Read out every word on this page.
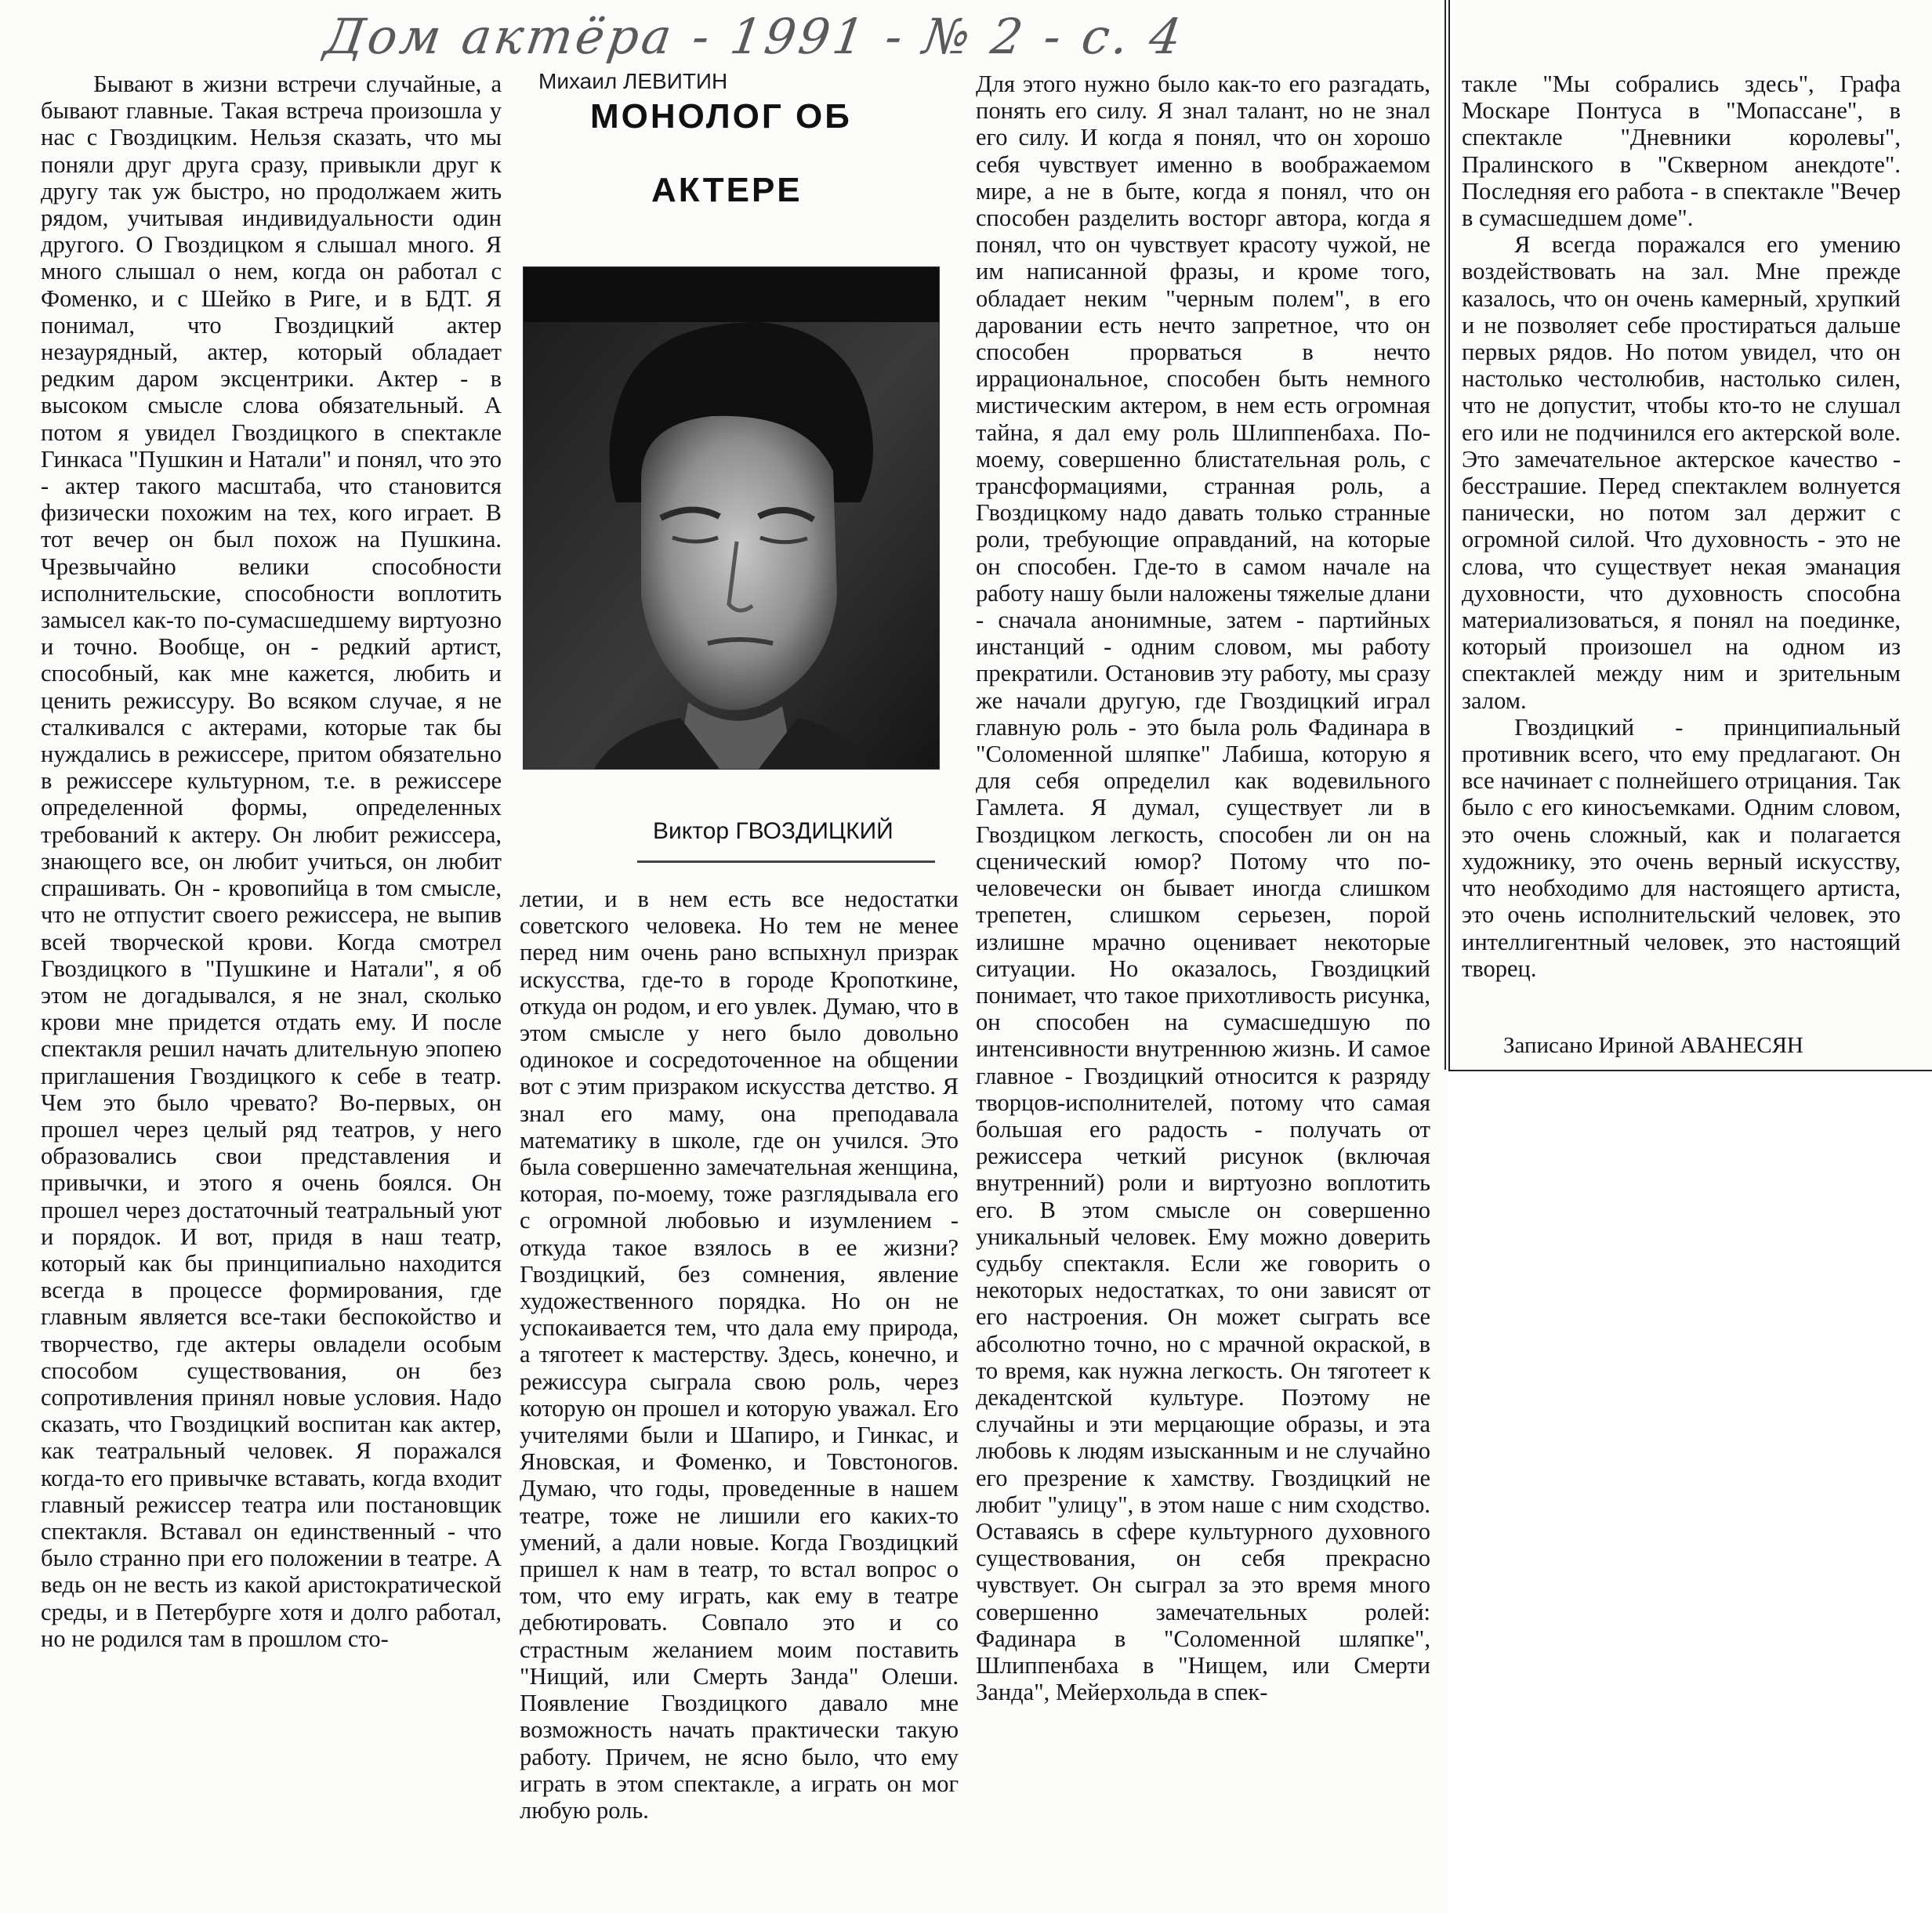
Дом актёра - 1991 - № 2 - с. 4

Бывают в жизни встречи случайные, а бывают главные. Такая встреча произошла у нас с Гвоздицким. Нельзя сказать, что мы поняли друг друга сразу, привыкли друг к другу так уж быстро, но продолжаем жить рядом, учитывая индивидуальности один другого. О Гвоздицком я слышал много. Я много слышал о нем, когда он работал с Фоменко, и с Шейко в Риге, и в БДТ. Я понимал, что Гвоздицкий актер незаурядный, актер, который обладает редким даром эксцентрики. Актер - в высоком смысле слова обязательный. А потом я увидел Гвоздицкого в спектакле Гинкаса "Пушкин и Натали" и понял, что это - актер такого масштаба, что становится физически похожим на тех, кого играет. В тот вечер он был похож на Пушкина. Чрезвычайно велики способности исполнительские, способности воплотить замысел как-то по-сумасшедшему виртуозно и точно. Вообще, он - редкий артист, способный, как мне кажется, любить и ценить режиссуру. Во всяком случае, я не сталкивался с актерами, которые так бы нуждались в режиссере, притом обязательно в режиссере культурном, т.е. в режиссере определенной формы, определенных требований к актеру. Он любит режиссера, знающего все, он любит учиться, он любит спрашивать. Он - кровопийца в том смысле, что не отпустит своего режиссера, не выпив всей творческой крови. Когда смотрел Гвоздицкого в "Пушкине и Натали", я об этом не догадывался, я не знал, сколько крови мне придется отдать ему. И после спектакля решил начать длительную эпопею приглашения Гвоздицкого к себе в театр. Чем это было чревато? Во-первых, он прошел через целый ряд театров, у него образовались свои представления и привычки, и этого я очень боялся. Он прошел через достаточный театральный уют и порядок. И вот, придя в наш театр, который как бы принципиально находится всегда в процессе формирования, где главным является все-таки беспокойство и творчество, где актеры овладели особым способом существования, он без сопротивления принял новые условия. Надо сказать, что Гвоздицкий воспитан как актер, как театральный человек. Я поражался когда-то его привычке вставать, когда входит главный режиссер театра или постановщик спектакля. Вставал он единственный - что было странно при его положении в театре. А ведь он не весть из какой аристократической среды, и в Петербурге хотя и долго работал, но не родился там в прошлом сто-

Михаил ЛЕВИТИН
МОНОЛОГ ОБ
АКТЕРЕ
Виктор ГВОЗДИЦКИЙ

летии, и в нем есть все недостатки советского человека. Но тем не менее перед ним очень рано вспыхнул призрак искусства, где-то в городе Кропоткине, откуда он родом, и его увлек. Думаю, что в этом смысле у него было довольно одинокое и сосредоточенное на общении вот с этим призраком искусства детство. Я знал его маму, она преподавала математику в школе, где он учился. Это была совершенно замечательная женщина, которая, по-моему, тоже разглядывала его с огромной любовью и изумлением - откуда такое взялось в ее жизни? Гвоздицкий, без сомнения, явление художественного порядка. Но он не успокаивается тем, что дала ему природа, а тяготеет к мастерству. Здесь, конечно, и режиссура сыграла свою роль, через которую он прошел и которую уважал. Его учителями были и Шапиро, и Гинкас, и Яновская, и Фоменко, и Товстоногов. Думаю, что годы, проведенные в нашем театре, тоже не лишили его каких-то умений, а дали новые. Когда Гвоздицкий пришел к нам в театр, то встал вопрос о том, что ему играть, как ему в театре дебютировать. Совпало это и со страстным желанием моим поставить "Нищий, или Смерть Занда" Олеши. Появление Гвоздицкого давало мне возможность начать практически такую работу. Причем, не ясно было, что ему играть в этом спектакле, а играть он мог любую роль.

Для этого нужно было как-то его разгадать, понять его силу. Я знал талант, но не знал его силу. И когда я понял, что он хорошо себя чувствует именно в воображаемом мире, а не в быте, когда я понял, что он способен разделить восторг автора, когда я понял, что он чувствует красоту чужой, не им написанной фразы, и кроме того, обладает неким "черным полем", в его даровании есть нечто запретное, что он способен прорваться в нечто иррациональное, способен быть немного мистическим актером, в нем есть огромная тайна, я дал ему роль Шлиппенбаха. По-моему, совершенно блистательная роль, с трансформациями, странная роль, а Гвоздицкому надо давать только странные роли, требующие оправданий, на которые он способен. Где-то в самом начале на работу нашу были наложены тяжелые длани - сначала анонимные, затем - партийных инстанций - одним словом, мы работу прекратили. Остановив эту работу, мы сразу же начали другую, где Гвоздицкий играл главную роль - это была роль Фадинара в "Соломенной шляпке" Лабиша, которую я для себя определил как водевильного Гамлета. Я думал, существует ли в Гвоздицком легкость, способен ли он на сценический юмор? Потому что по-человечески он бывает иногда слишком трепетен, слишком серьезен, порой излишне мрачно оценивает некоторые ситуации. Но оказалось, Гвоздицкий понимает, что такое прихотливость рисунка, он способен на сумасшедшую по интенсивности внутреннюю жизнь. И самое главное - Гвоздицкий относится к разряду творцов-исполнителей, потому что самая большая его радость - получать от режиссера четкий рисунок (включая внутренний) роли и виртуозно воплотить его. В этом смысле он совершенно уникальный человек. Ему можно доверить судьбу спектакля. Если же говорить о некоторых недостатках, то они зависят от его настроения. Он может сыграть все абсолютно точно, но с мрачной окраской, в то время, как нужна легкость. Он тяготеет к декадентской культуре. Поэтому не случайны и эти мерцающие образы, и эта любовь к людям изысканным и не случайно его презрение к хамству. Гвоздицкий не любит "улицу", в этом наше с ним сходство. Оставаясь в сфере культурного духовного существования, он себя прекрасно чувствует. Он сыграл за это время много совершенно замечательных ролей: Фадинара в "Соломенной шляпке", Шлиппенбаха в "Нищем, или Смерти Занда", Мейерхольда в спек-

такле "Мы собрались здесь", Графа Москаре Понтуса в "Мопассане", в спектакле "Дневники королевы", Пралинского в "Скверном анекдоте". Последняя его работа - в спектакле "Вечер в сумасшедшем доме".

Я всегда поражался его умению воздействовать на зал. Мне прежде казалось, что он очень камерный, хрупкий и не позволяет себе простираться дальше первых рядов. Но потом увидел, что он настолько честолюбив, настолько силен, что не допустит, чтобы кто-то не слушал его или не подчинился его актерской воле. Это замечательное актерское качество - бесстрашие. Перед спектаклем волнуется панически, но потом зал держит с огромной силой. Что духовность - это не слова, что существует некая эманация духовности, что духовность способна материализоваться, я понял на поединке, который произошел на одном из спектаклей между ним и зрительным залом.

Гвоздицкий - принципиальный противник всего, что ему предлагают. Он все начинает с полнейшего отрицания. Так было с его киносъемками. Одним словом, это очень сложный, как и полагается художнику, это очень верный искусству, что необходимо для настоящего артиста, это очень исполнительский человек, это интеллигентный человек, это настоящий творец.

Записано Ириной АВАНЕСЯН
